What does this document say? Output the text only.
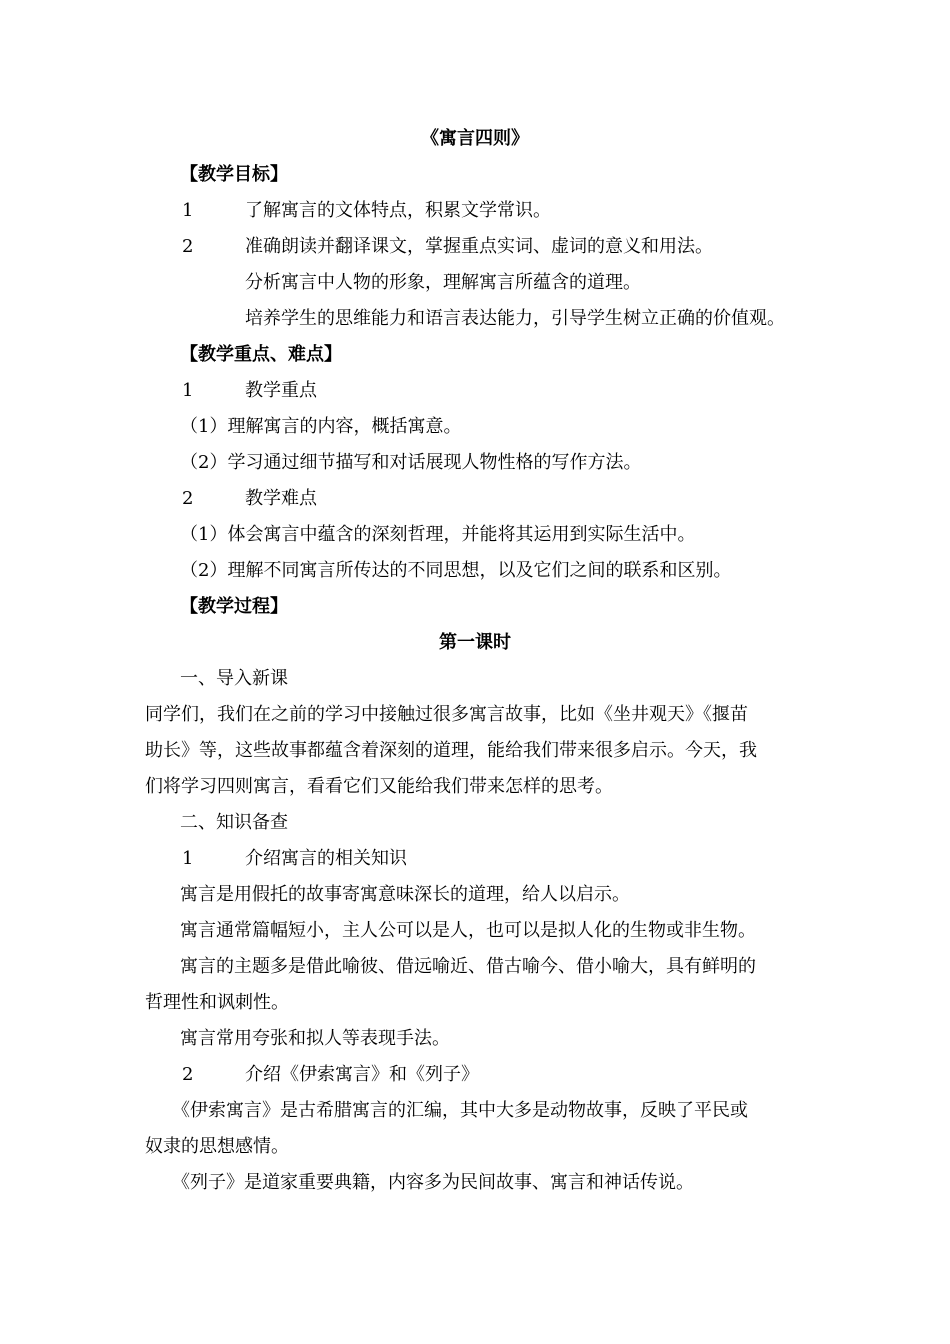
《寓言四则》
【教学目标】
1	了解寓言的文体特点，积累文学常识。
2	准确朗读并翻译课文，掌握重点实词、虚词的意义和用法。
分析寓言中人物的形象，理解寓言所蕴含的道理。
培养学生的思维能力和语言表达能力，引导学生树立正确的价值观。
【教学重点、难点】
1	教学重点
（1）理解寓言的内容，概括寓意。
（2）学习通过细节描写和对话展现人物性格的写作方法。
2	教学难点
（1）体会寓言中蕴含的深刻哲理，并能将其运用到实际生活中。
（2）理解不同寓言所传达的不同思想，以及它们之间的联系和区别。
【教学过程】
第一课时
一、导入新课
同学们，我们在之前的学习中接触过很多寓言故事，比如《坐井观天》《揠苗
助长》等，这些故事都蕴含着深刻的道理，能给我们带来很多启示。今天，我
们将学习四则寓言，看看它们又能给我们带来怎样的思考。
二、知识备查
1	介绍寓言的相关知识
寓言是用假托的故事寄寓意味深长的道理，给人以启示。
寓言通常篇幅短小，主人公可以是人，也可以是拟人化的生物或非生物。
寓言的主题多是借此喻彼、借远喻近、借古喻今、借小喻大，具有鲜明的
哲理性和讽刺性。
寓言常用夸张和拟人等表现手法。
2	介绍《伊索寓言》和《列子》
《伊索寓言》是古希腊寓言的汇编，其中大多是动物故事，反映了平民或
奴隶的思想感情。
《列子》是道家重要典籍，内容多为民间故事、寓言和神话传说。
